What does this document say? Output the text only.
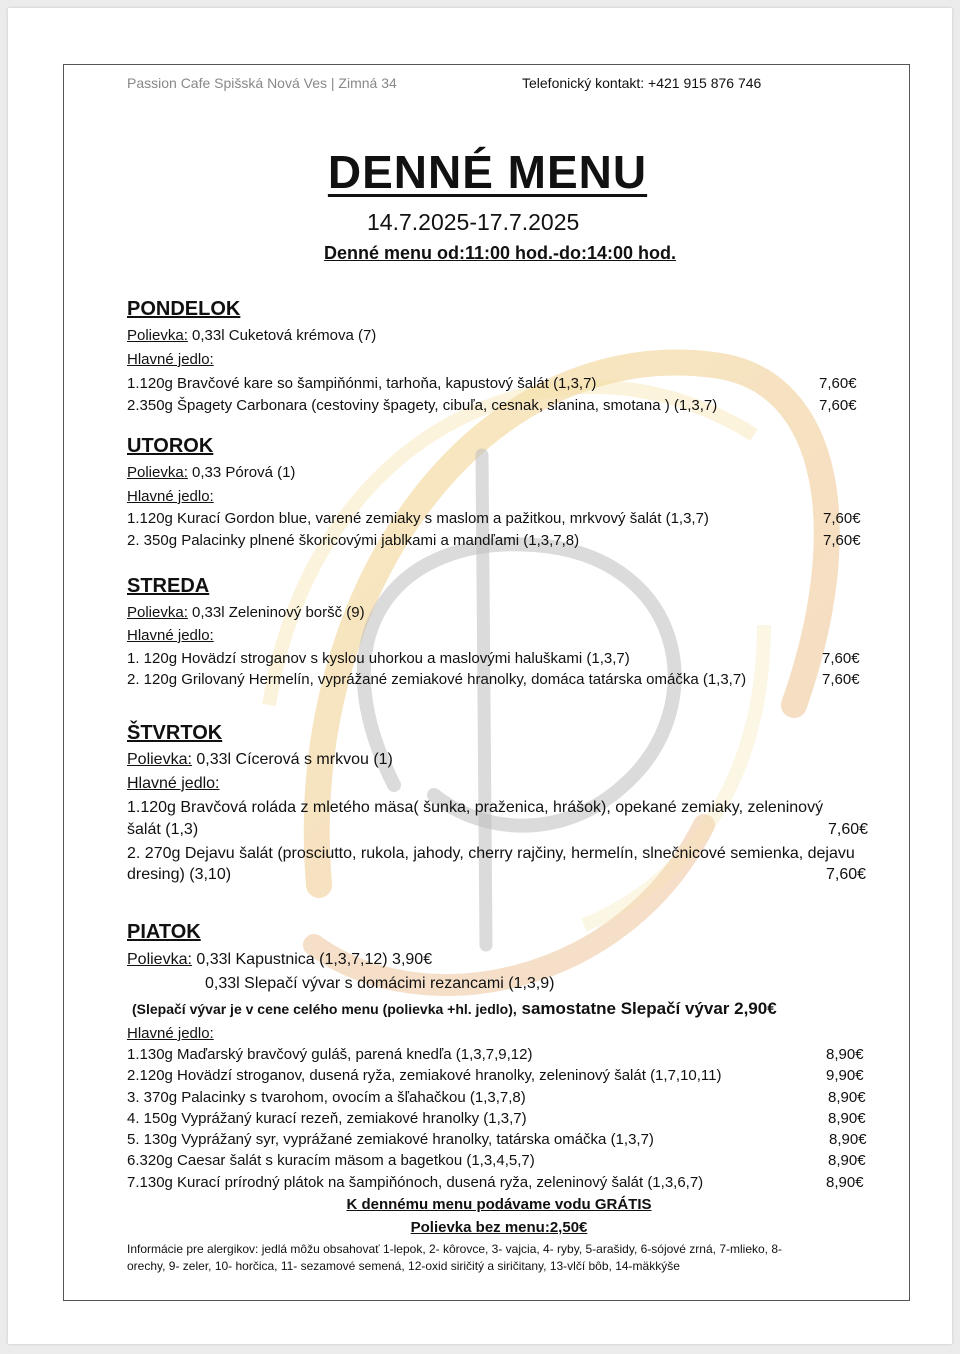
Passion Cafe Spišská Nová Ves | Zimná 34	Telefonický kontakt: +421 915 876 746
DENNÉ MENU
14.7.2025-17.7.2025
Denné menu od:11:00 hod.-do:14:00 hod.
PONDELOK
Polievka: 0,33l Cuketová krémova (7)
Hlavné jedlo:
1.120g Bravčové kare so šampiňónmi, tarhoňa, kapustový šalát (1,3,7)	7,60€
2.350g Špagety Carbonara (cestoviny špagety, cibuľa, cesnak, slanina, smotana ) (1,3,7)	7,60€
UTOROK
Polievka: 0,33 Pórová (1)
Hlavné jedlo:
1.120g Kurací Gordon blue, varené zemiaky s maslom a pažitkou, mrkvový šalát (1,3,7)	7,60€
2. 350g Palacinky plnené škoricovými jablkami a mandľami (1,3,7,8)	7,60€
STREDA
Polievka: 0,33l Zeleninový boršč (9)
Hlavné jedlo:
1. 120g Hovädzí stroganov s kyslou uhorkou a maslovými haluškami (1,3,7)	7,60€
2. 120g Grilovaný Hermelín, vyprážané zemiakové hranolky, domáca tatárska omáčka (1,3,7)	7,60€
ŠTVRTOK
Polievka: 0,33l Cícerová s mrkvou (1)
Hlavné jedlo:
1.120g Bravčová roláda z mletého mäsa( šunka, praženica, hrášok), opekané zemiaky, zeleninový
šalát (1,3)	7,60€
2. 270g Dejavu šalát (prosciutto, rukola, jahody, cherry rajčiny, hermelín, slnečnicové semienka, dejavu
dresing) (3,10)	7,60€
PIATOK
Polievka: 0,33l Kapustnica (1,3,7,12) 3,90€
0,33l Slepačí vývar s domácimi rezancami (1,3,9)
(Slepačí vývar je v cene celého menu (polievka +hl. jedlo), samostatne Slepačí vývar 2,90€
Hlavné jedlo:
1.130g Maďarský bravčový guláš, parená knedľa (1,3,7,9,12)	8,90€
2.120g Hovädzí stroganov, dusená ryža, zemiakové hranolky, zeleninový šalát (1,7,10,11)	9,90€
3. 370g Palacinky s tvarohom, ovocím a šľahačkou (1,3,7,8)	8,90€
4. 150g Vyprážaný kurací rezeň, zemiakové hranolky (1,3,7)	8,90€
5. 130g Vyprážaný syr, vyprážané zemiakové hranolky, tatárska omáčka (1,3,7)	8,90€
6.320g Caesar šalát s kuracím mäsom a bagetkou (1,3,4,5,7)	8,90€
7.130g Kurací prírodný plátok na šampiňónoch, dusená ryža, zeleninový šalát (1,3,6,7)	8,90€
K dennému menu podávame vodu GRÁTIS
Polievka bez menu:2,50€
Informácie pre alergikov: jedlá môžu obsahovať 1-lepok, 2- kôrovce, 3- vajcia, 4- ryby, 5-arašidy, 6-sójové zrná, 7-mlieko, 8-
orechy, 9- zeler, 10- horčica, 11- sezamové semená, 12-oxid siričitý a siričitany, 13-vlčí bôb, 14-mäkkýše
